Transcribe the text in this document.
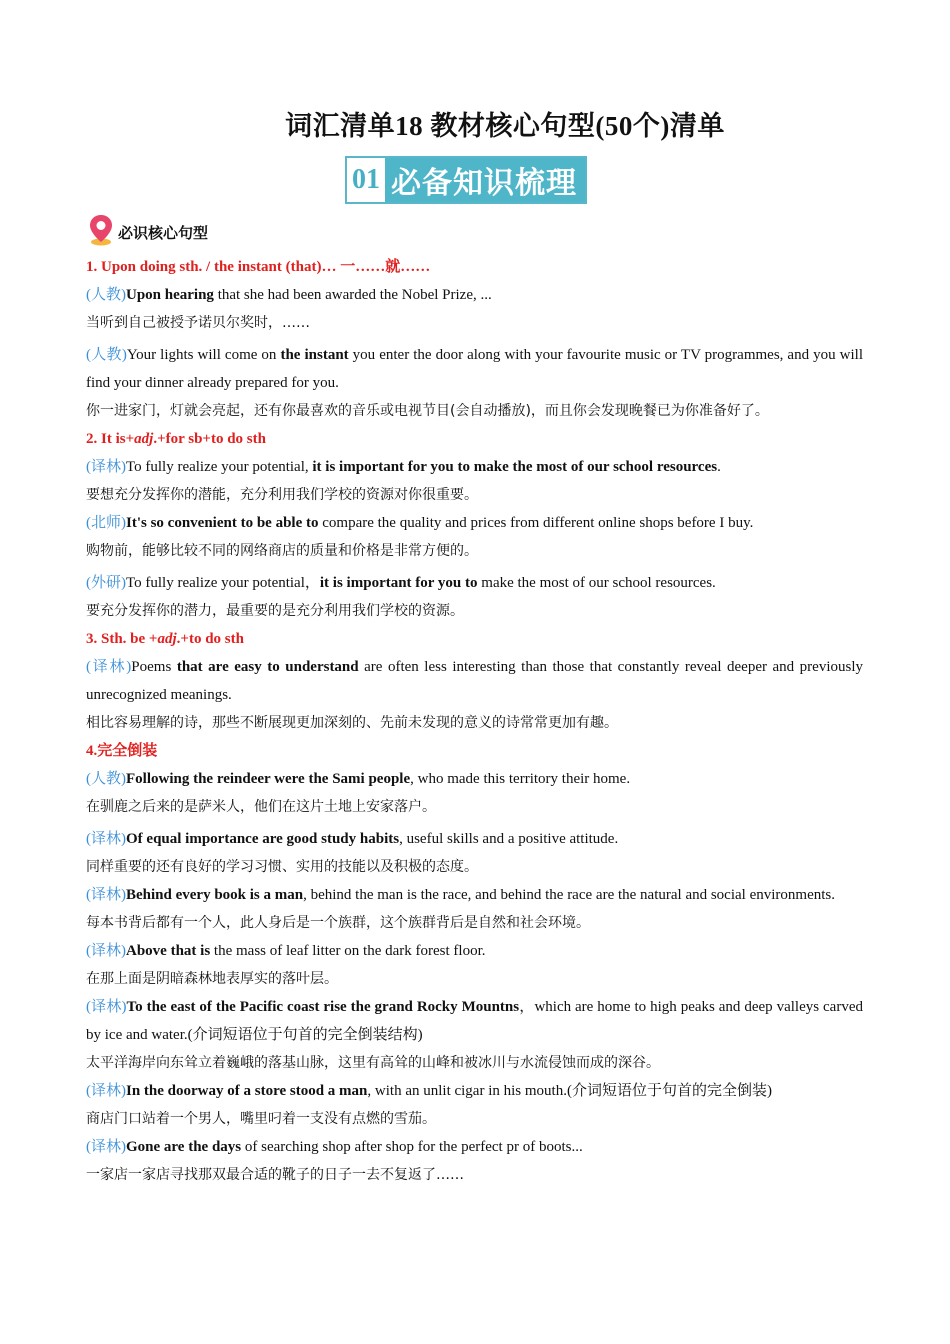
词汇清单18 教材核心句型(50个)清单
01 必备知识梳理
必识核心句型

1. Upon doing sth. / the instant (that)… 一……就……

(人教)Upon hearing that she had been awarded the Nobel Prize, ...

当听到自己被授予诺贝尔奖时，……

(人教)Your lights will come on the instant you enter the door along with your favourite music or TV programmes, and you will find your dinner already prepared for you.

你一进家门，灯就会亮起，还有你最喜欢的音乐或电视节目(会自动播放)，而且你会发现晚餐已为你准备好了。

2. It is+adj.+for sb+to do sth

(译林)To fully realize your potential, it is important for you to make the most of our school resources.

要想充分发挥你的潜能，充分利用我们学校的资源对你很重要。

(北师)It's so convenient to be able to compare the quality and prices from different online shops before I buy.

购物前，能够比较不同的网络商店的质量和价格是非常方便的。

(外研)To fully realize your potential，it is important for you to make the most of our school resources.

要充分发挥你的潜力，最重要的是充分利用我们学校的资源。

3. Sth. be +adj.+to do sth

(译林)Poems that are easy to understand are often less interesting than those that constantly reveal deeper and previously unrecognized meanings.

相比容易理解的诗，那些不断展现更加深刻的、先前未发现的意义的诗常常更加有趣。

4.完全倒装

(人教)Following the reindeer were the Sami people, who made this territory their home.

在驯鹿之后来的是萨米人，他们在这片土地上安家落户。

(译林)Of equal importance are good study habits, useful skills and a positive attitude.

同样重要的还有良好的学习习惯、实用的技能以及积极的态度。

(译林)Behind every book is a man, behind the man is the race, and behind the race are the natural and social environments.

每本书背后都有一个人，此人身后是一个族群，这个族群背后是自然和社会环境。

(译林)Above that is the mass of leaf litter on the dark forest floor.

在那上面是阴暗森林地表厚实的落叶层。

(译林)To the east of the Pacific coast rise the grand Rocky Mountns，which are home to high peaks and deep valleys carved by ice and water.(介词短语位于句首的完全倒装结构)

太平洋海岸向东耸立着巍峨的落基山脉，这里有高耸的山峰和被冰川与水流侵蚀而成的深谷。

(译林)In the doorway of a store stood a man, with an unlit cigar in his mouth.(介词短语位于句首的完全倒装)

商店门口站着一个男人，嘴里叼着一支没有点燃的雪茄。

(译林)Gone are the days of searching shop after shop for the perfect pr of boots...

一家店一家店寻找那双最合适的靴子的日子一去不复返了……
